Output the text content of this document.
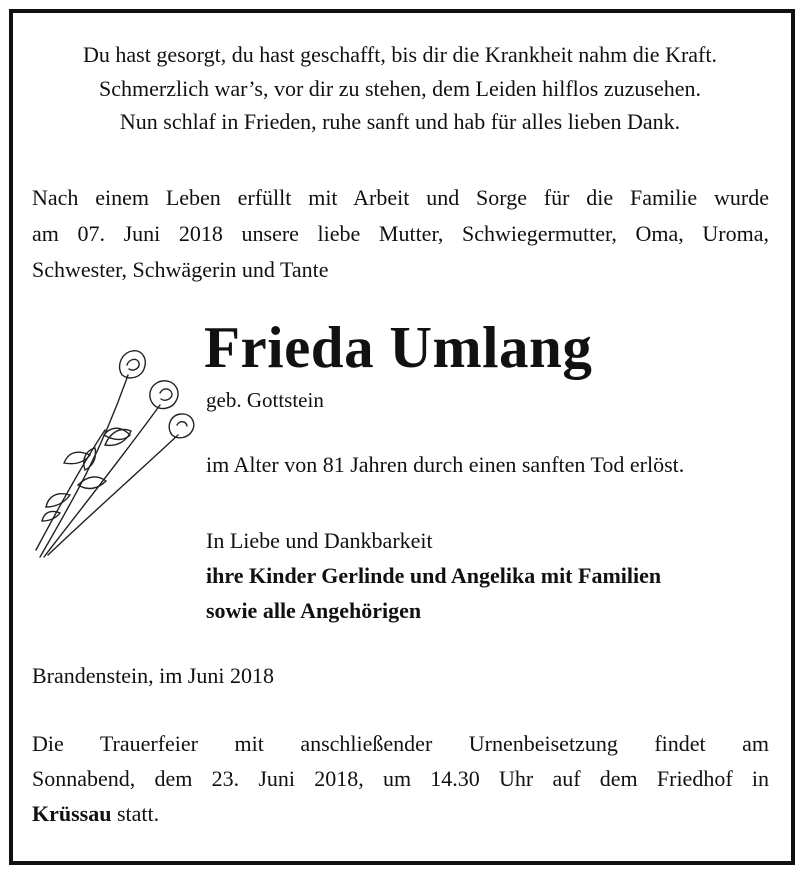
Du hast gesorgt, du hast geschafft, bis dir die Krankheit nahm die Kraft.
Schmerzlich war’s, vor dir zu stehen, dem Leiden hilflos zuzusehen.
Nun schlaf in Frieden, ruhe sanft und hab für alles lieben Dank.
Nach einem Leben erfüllt mit Arbeit und Sorge für die Familie wurde
am 07. Juni 2018 unsere liebe Mutter, Schwiegermutter, Oma, Uroma,
Schwester, Schwägerin und Tante
Frieda Umlang
geb. Gottstein
im Alter von 81 Jahren durch einen sanften Tod erlöst.
In Liebe und Dankbarkeit
ihre Kinder Gerlinde und Angelika mit Familien
sowie alle Angehörigen
Brandenstein, im Juni 2018
Die Trauerfeier mit anschließender Urnenbeisetzung findet am
Sonnabend, dem 23. Juni 2018, um 14.30 Uhr auf dem Friedhof in
Krüssau statt.
